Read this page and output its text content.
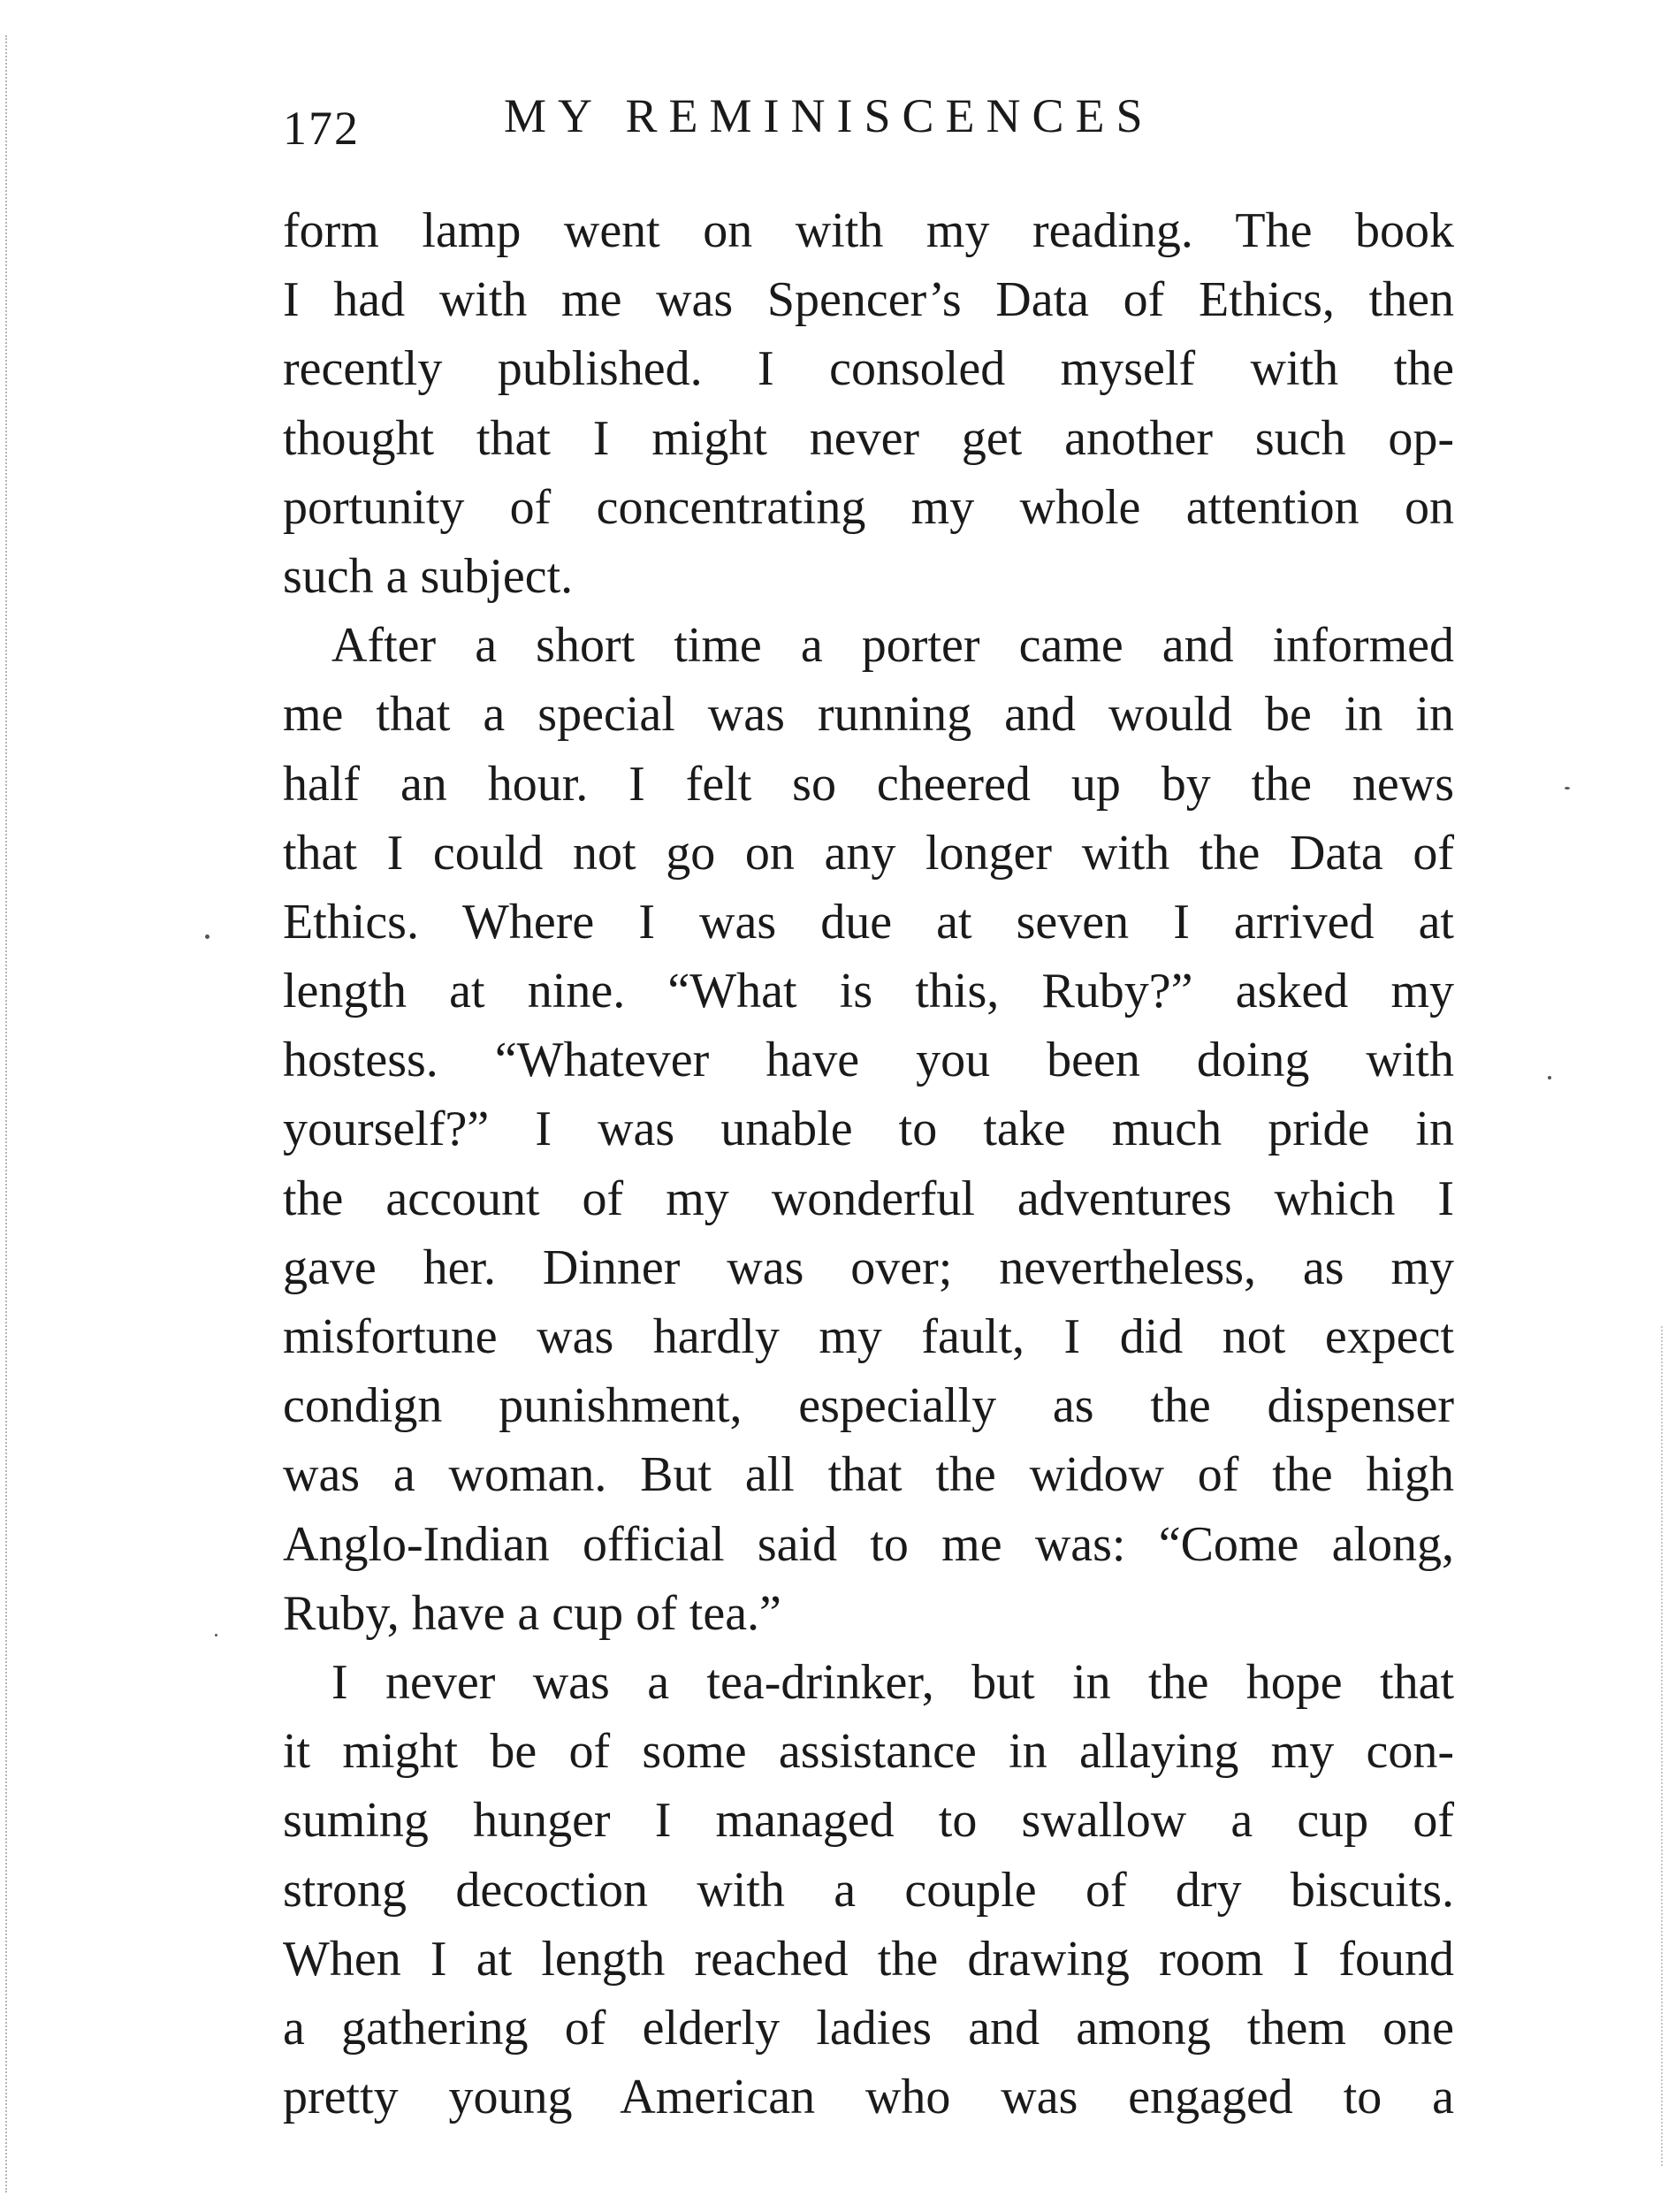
172	MY REMINISCENCES
form lamp went on with my reading. The book
I had with me was Spencer’s Data of Ethics, then
recently published. I consoled myself with the
thought that I might never get another such op-
portunity of concentrating my whole attention on
such a subject.
After a short time a porter came and informed
me that a special was running and would be in in
half an hour. I felt so cheered up by the news
that I could not go on any longer with the Data of
Ethics. Where I was due at seven I arrived at
length at nine. “What is this, Ruby?” asked my
hostess. “Whatever have you been doing with
yourself?” I was unable to take much pride in
the account of my wonderful adventures which I
gave her. Dinner was over; nevertheless, as my
misfortune was hardly my fault, I did not expect
condign punishment, especially as the dispenser
was a woman. But all that the widow of the high
Anglo-Indian official said to me was: “Come along,
Ruby, have a cup of tea.”
I never was a tea-drinker, but in the hope that
it might be of some assistance in allaying my con-
suming hunger I managed to swallow a cup of
strong decoction with a couple of dry biscuits.
When I at length reached the drawing room I found
a gathering of elderly ladies and among them one
pretty young American who was engaged to a
